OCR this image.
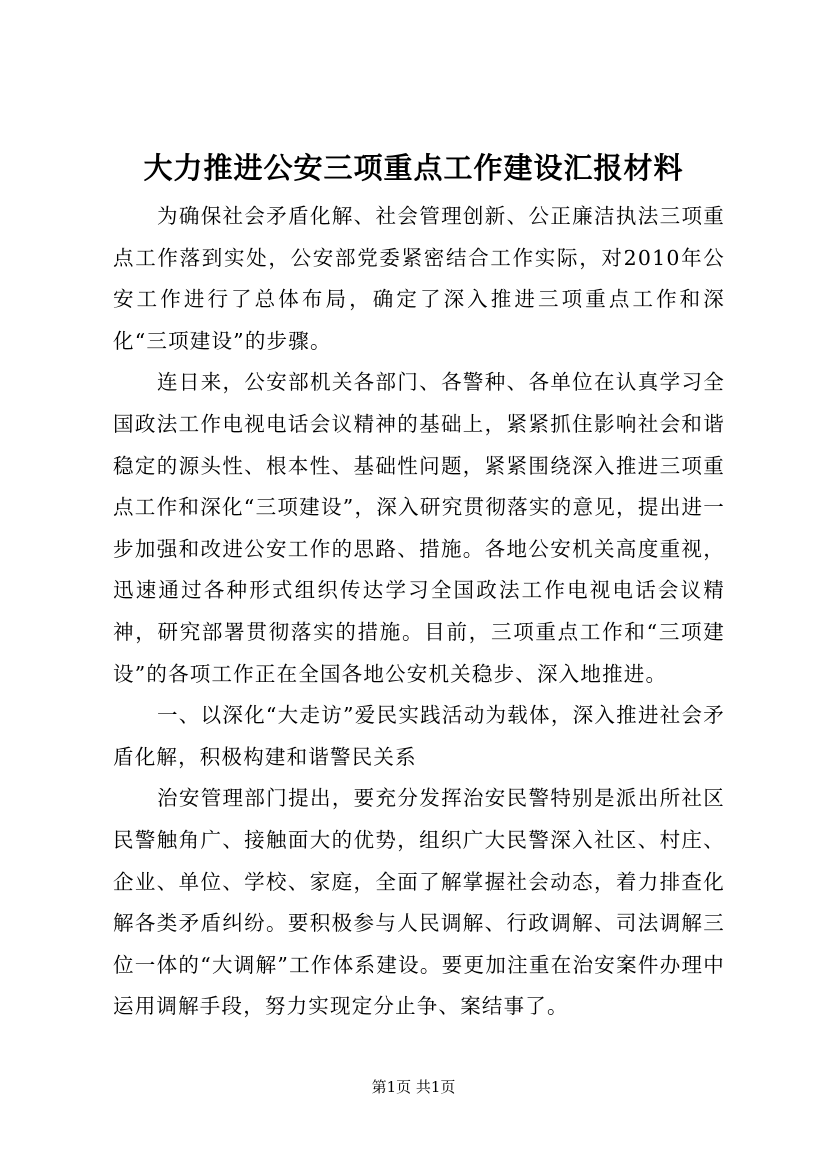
大力推进公安三项重点工作建设汇报材料

为确保社会矛盾化解、社会管理创新、公正廉洁执法三项重点工作落到实处，公安部党委紧密结合工作实际，对2010年公安工作进行了总体布局，确定了深入推进三项重点工作和深化“三项建设”的步骤。

连日来，公安部机关各部门、各警种、各单位在认真学习全国政法工作电视电话会议精神的基础上，紧紧抓住影响社会和谐稳定的源头性、根本性、基础性问题，紧紧围绕深入推进三项重点工作和深化“三项建设”，深入研究贯彻落实的意见，提出进一步加强和改进公安工作的思路、措施。各地公安机关高度重视，迅速通过各种形式组织传达学习全国政法工作电视电话会议精神，研究部署贯彻落实的措施。目前，三项重点工作和“三项建设”的各项工作正在全国各地公安机关稳步、深入地推进。

一、以深化“大走访”爱民实践活动为载体，深入推进社会矛盾化解，积极构建和谐警民关系

治安管理部门提出，要充分发挥治安民警特别是派出所社区民警触角广、接触面大的优势，组织广大民警深入社区、村庄、企业、单位、学校、家庭，全面了解掌握社会动态，着力排查化解各类矛盾纠纷。要积极参与人民调解、行政调解、司法调解三位一体的“大调解”工作体系建设。要更加注重在治安案件办理中运用调解手段，努力实现定分止争、案结事了。

第1页 共1页
